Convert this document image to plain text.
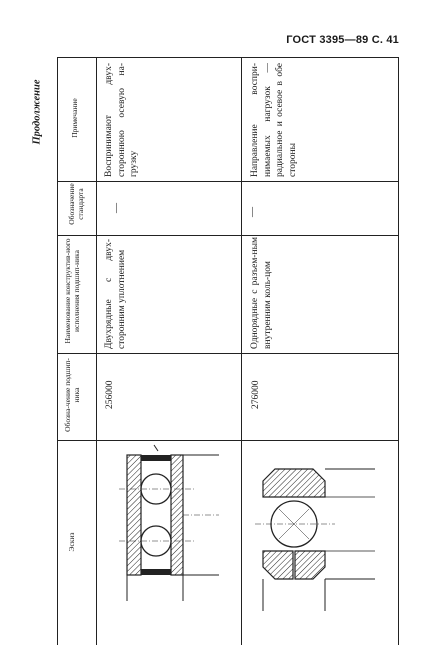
ГОСТ 3395—89 С. 41
Продолжение	Примечание
Обозначение стандарта
Наименование конструктив-ного исполнения подшип-ника
Обозна-чение подшип-ника
Эскиз
Воспринимают двух-стороннюю осевую на-грузку
—
Двухрядные с двух-сторонним уплотнением
256000
Направление воспри-нимаемых нагрузок — радиальное и осевое в обе стороны
—
Однорядные с разъем-ным внутренним коль-цом
276000
